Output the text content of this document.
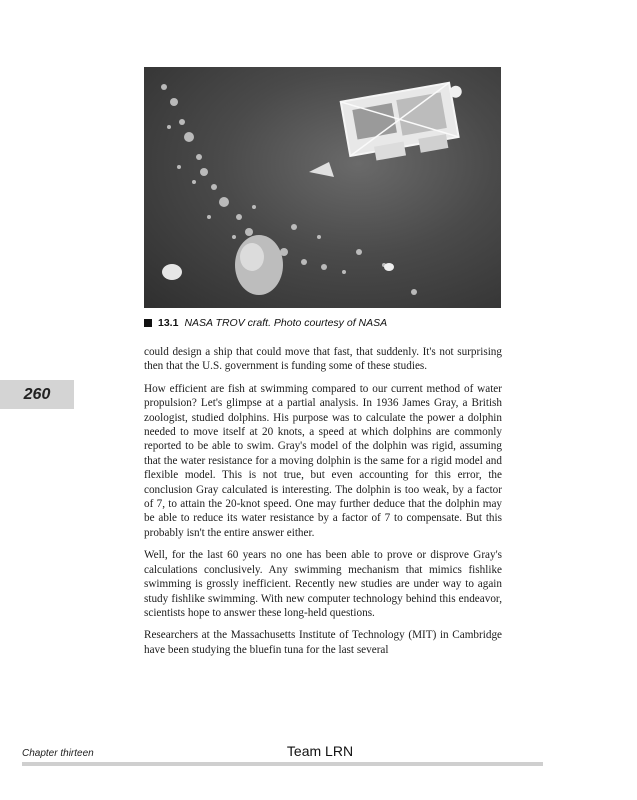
13.1 NASA TROV craft. Photo courtesy of NASA
260

could design a ship that could move that fast, that suddenly. It's not surprising then that the U.S. government is funding some of these studies.

How efficient are fish at swimming compared to our current method of water propulsion? Let's glimpse at a partial analysis. In 1936 James Gray, a British zoologist, studied dolphins. His purpose was to calculate the power a dolphin needed to move itself at 20 knots, a speed at which dolphins are commonly reported to be able to swim. Gray's model of the dolphin was rigid, assuming that the water resistance for a moving dolphin is the same for a rigid model and flexible model. This is not true, but even accounting for this error, the conclusion Gray calculated is interesting. The dolphin is too weak, by a factor of 7, to attain the 20-knot speed. One may further deduce that the dolphin may be able to reduce its water resistance by a factor of 7 to compensate. But this probably isn't the entire answer either.

Well, for the last 60 years no one has been able to prove or disprove Gray's calculations conclusively. Any swimming mechanism that mimics fishlike swimming is grossly inefficient. Recently new studies are under way to again study fishlike swimming. With new computer technology behind this endeavor, scientists hope to answer these long-held questions.

Researchers at the Massachusetts Institute of Technology (MIT) in Cambridge have been studying the bluefin tuna for the last several

Chapter thirteen	Team LRN
